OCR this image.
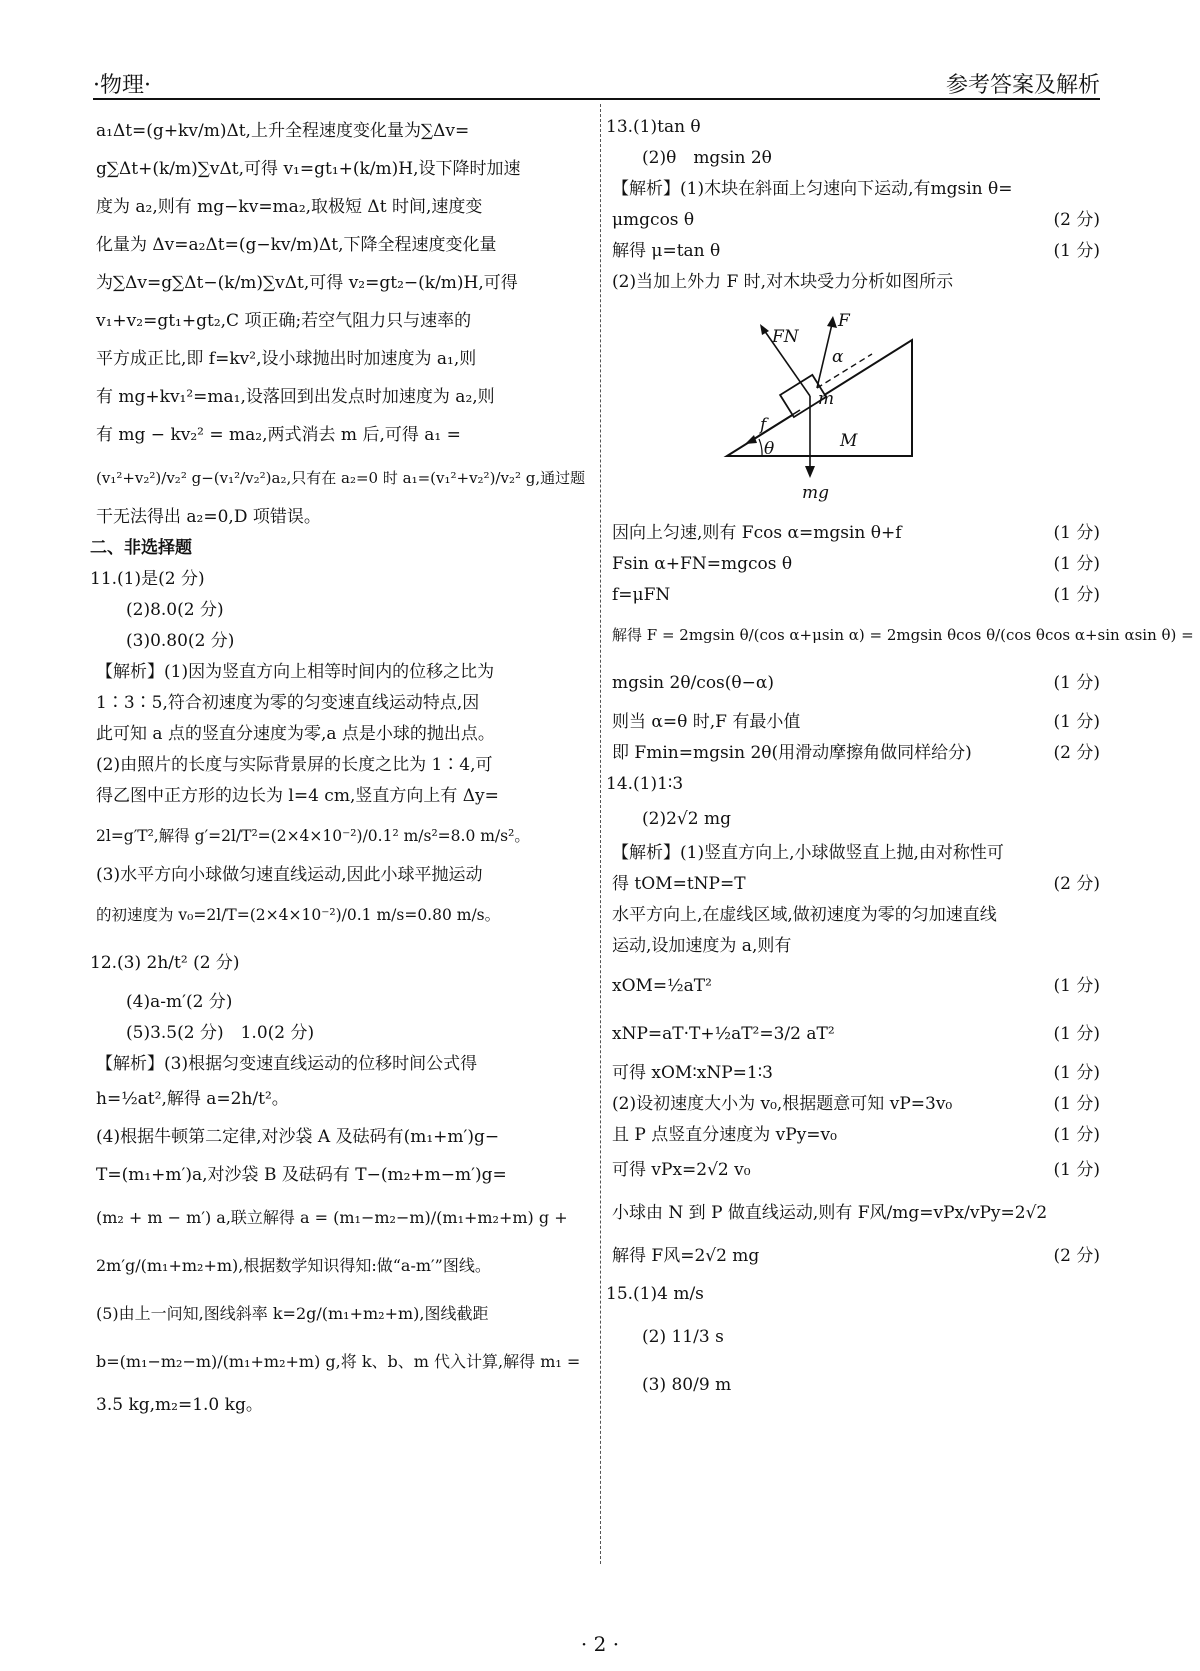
·物理·	参考答案及解析
a₁Δt=(g+kv/m)Δt,上升全程速度变化量为∑Δv=
g∑Δt+(k/m)∑vΔt,可得 v₁=gt₁+(k/m)H,设下降时加速
度为 a₂,则有 mg−kv=ma₂,取极短 Δt 时间,速度变
化量为 Δv=a₂Δt=(g−kv/m)Δt,下降全程速度变化量
为∑Δv=g∑Δt−(k/m)∑vΔt,可得 v₂=gt₂−(k/m)H,可得
v₁+v₂=gt₁+gt₂,C 项正确;若空气阻力只与速率的
平方成正比,即 f=kv²,设小球抛出时加速度为 a₁,则
有 mg+kv₁²=ma₁,设落回到出发点时加速度为 a₂,则
有 mg − kv₂² = ma₂,两式消去 m 后,可得 a₁ =
(v₁²+v₂²)/v₂² g−(v₁²/v₂²)a₂,只有在 a₂=0 时 a₁=(v₁²+v₂²)/v₂² g,通过题
干无法得出 a₂=0,D 项错误。
二、非选择题
11.(1)是(2 分)
(2)8.0(2 分)
(3)0.80(2 分)
【解析】(1)因为竖直方向上相等时间内的位移之比为
1∶3∶5,符合初速度为零的匀变速直线运动特点,因
此可知 a 点的竖直分速度为零,a 点是小球的抛出点。
(2)由照片的长度与实际背景屏的长度之比为 1∶4,可
得乙图中正方形的边长为 l=4 cm,竖直方向上有 Δy=
2l=g′T²,解得 g′=2l/T²=(2×4×10⁻²)/0.1² m/s²=8.0 m/s²。
(3)水平方向小球做匀速直线运动,因此小球平抛运动
的初速度为 v₀=2l/T=(2×4×10⁻²)/0.1 m/s=0.80 m/s。
12.(3) 2h/t² (2 分)
(4)a-m′(2 分)
(5)3.5(2 分)　1.0(2 分)
【解析】(3)根据匀变速直线运动的位移时间公式得
h=½at²,解得 a=2h/t²。
(4)根据牛顿第二定律,对沙袋 A 及砝码有(m₁+m′)g−
T=(m₁+m′)a,对沙袋 B 及砝码有 T−(m₂+m−m′)g=
(m₂ + m − m′) a,联立解得 a = (m₁−m₂−m)/(m₁+m₂+m) g +
2m′g/(m₁+m₂+m),根据数学知识得知:做“a-m′”图线。
(5)由上一问知,图线斜率 k=2g/(m₁+m₂+m),图线截距
b=(m₁−m₂−m)/(m₁+m₂+m) g,将 k、b、m 代入计算,解得 m₁ =
3.5 kg,m₂=1.0 kg。
13.(1)tan θ
(2)θ　mgsin 2θ
【解析】(1)木块在斜面上匀速向下运动,有mgsin θ=
μmgcos θ	(2 分)
解得 μ=tan θ	(1 分)
(2)当加上外力 F 时,对木块受力分析如图所示
F
FN
α
m
f
M
θ
mg
因向上匀速,则有 Fcos α=mgsin θ+f	(1 分)
Fsin α+FN=mgcos θ	(1 分)
f=μFN	(1 分)
解得 F = 2mgsin θ/(cos α+μsin α) = 2mgsin θcos θ/(cos θcos α+sin αsin θ) =
mgsin 2θ/cos(θ−α)	(1 分)
则当 α=θ 时,F 有最小值	(1 分)
即 Fmin=mgsin 2θ(用滑动摩擦角做同样给分)	(2 分)
14.(1)1∶3
(2)2√2 mg
【解析】(1)竖直方向上,小球做竖直上抛,由对称性可
得 tOM=tNP=T	(2 分)
水平方向上,在虚线区域,做初速度为零的匀加速直线
运动,设加速度为 a,则有
xOM=½aT²	(1 分)
xNP=aT·T+½aT²=3/2 aT²	(1 分)
可得 xOM∶xNP=1∶3	(1 分)
(2)设初速度大小为 v₀,根据题意可知 vP=3v₀	(1 分)
且 P 点竖直分速度为 vPy=v₀	(1 分)
可得 vPx=2√2 v₀	(1 分)
小球由 N 到 P 做直线运动,则有 F风/mg=vPx/vPy=2√2
解得 F风=2√2 mg	(2 分)
15.(1)4 m/s
(2) 11/3 s
(3) 80/9 m
· 2 ·
